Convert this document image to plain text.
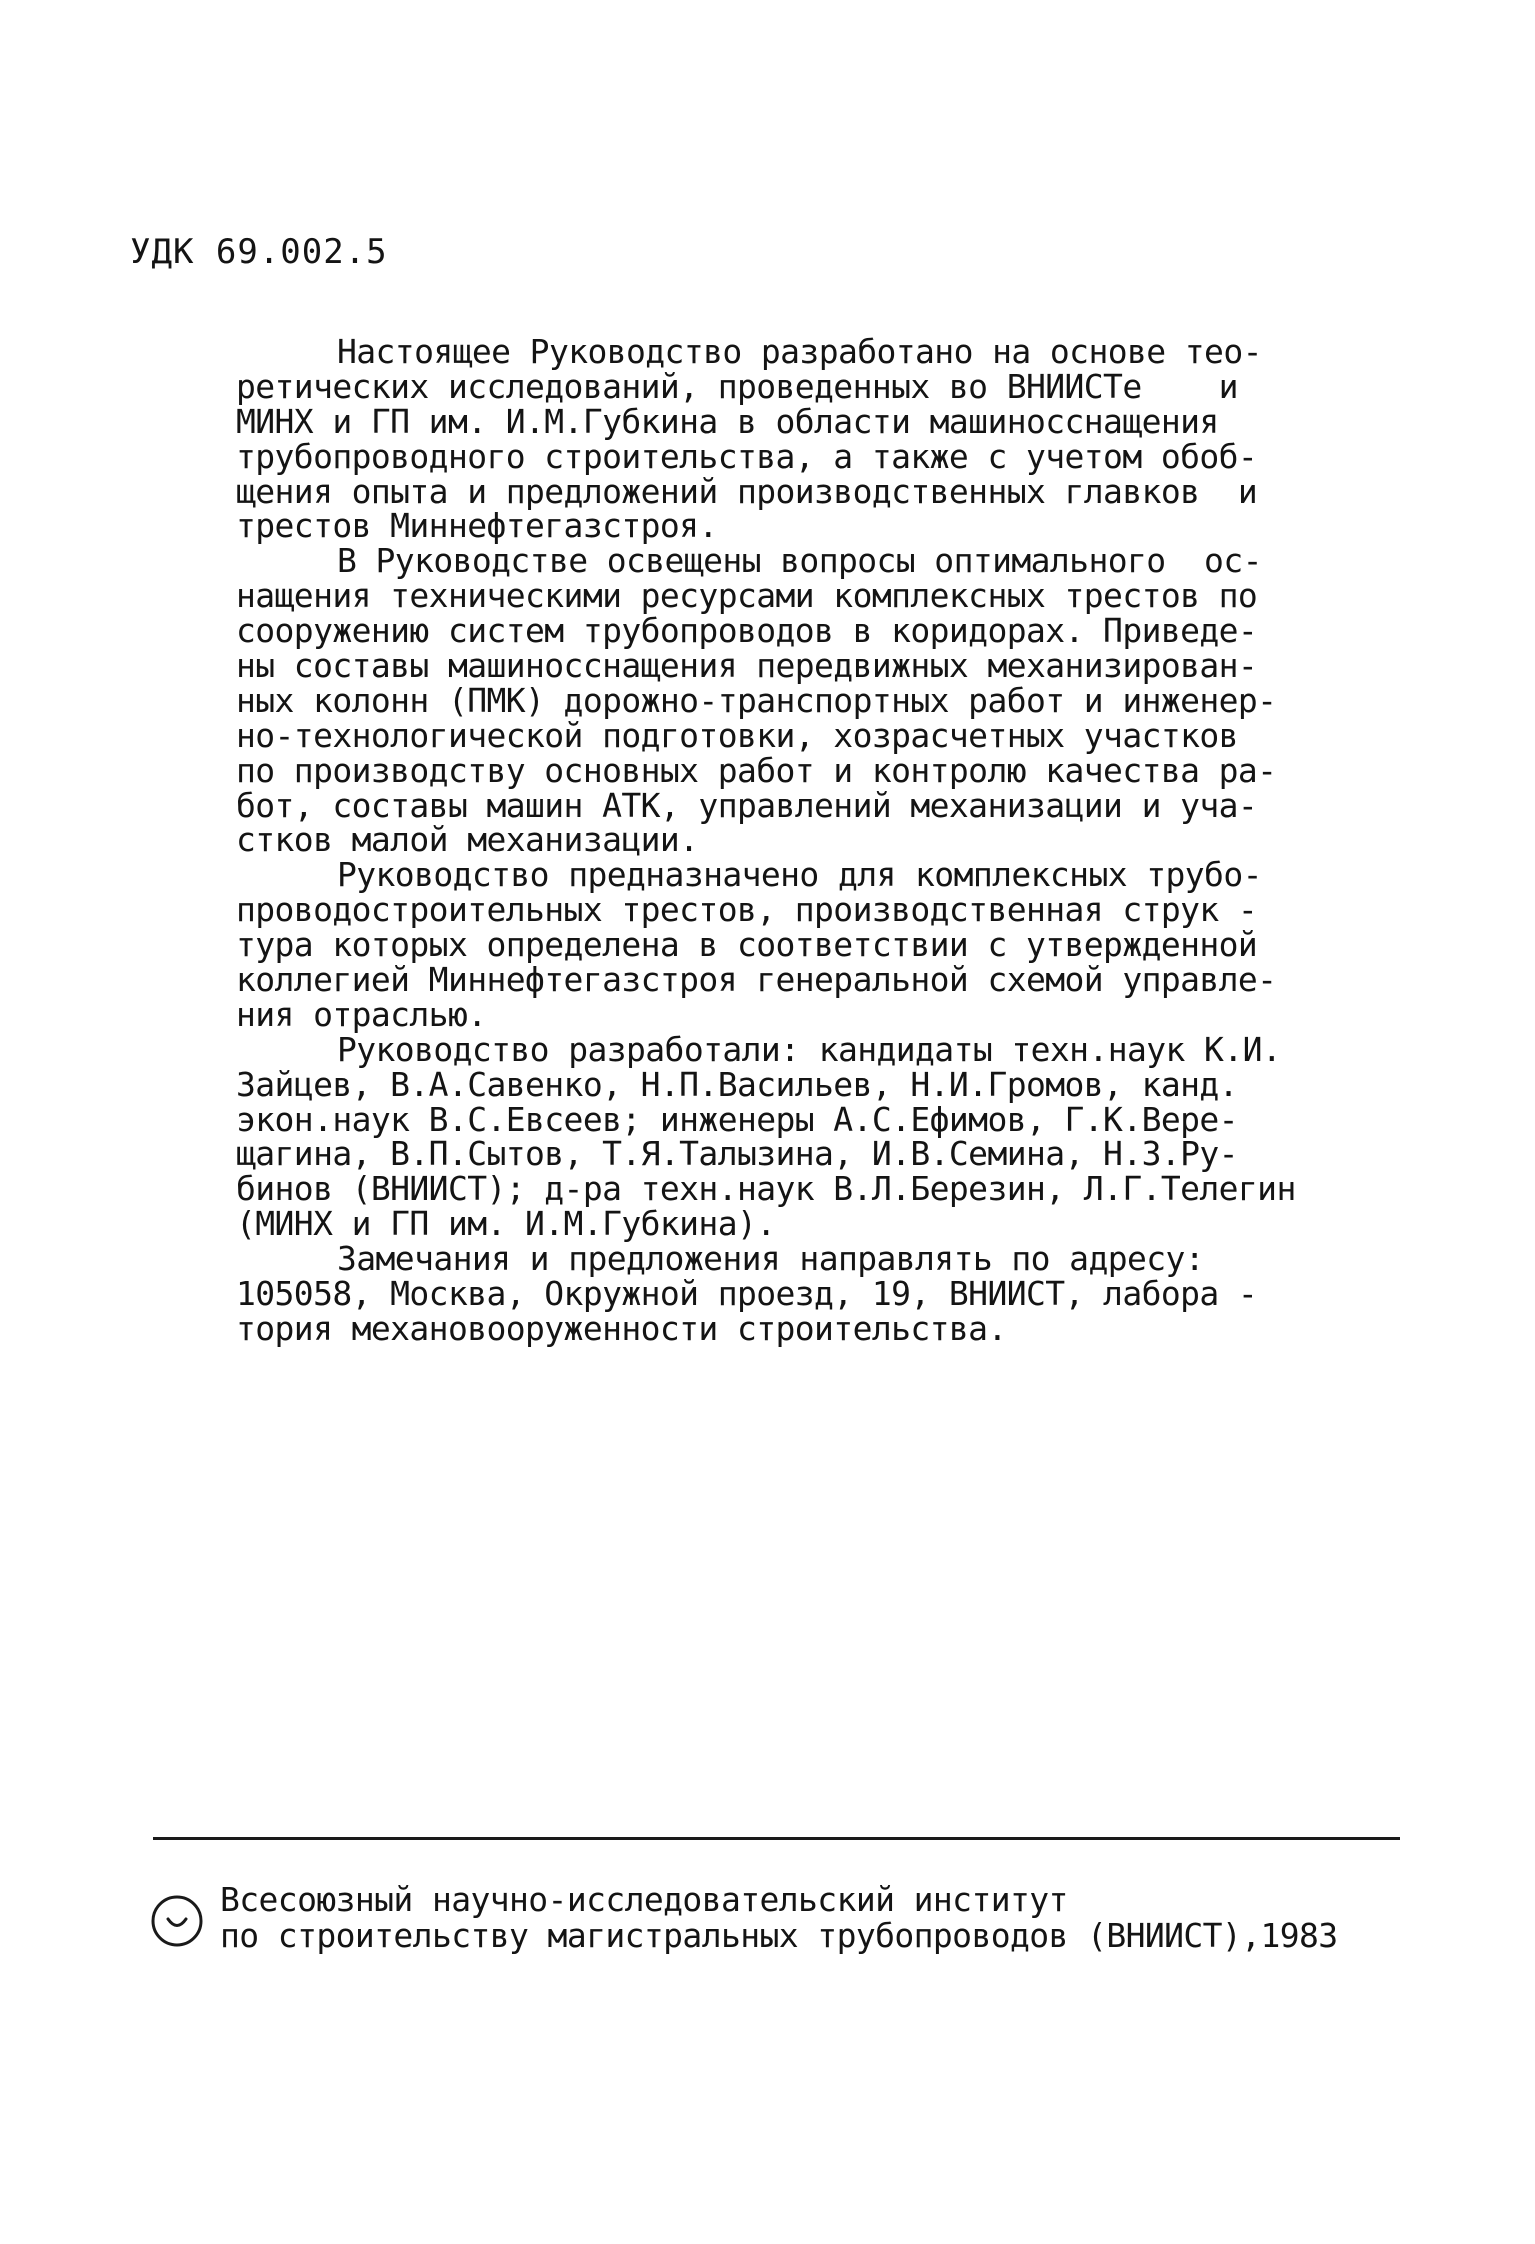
УДК 69.002.5
Настоящее Руководство разработано на основе тео-
ретических исследований, проведенных во ВНИИСТе    и
МИНХ и ГП им. И.М.Губкина в области машиносснащения
трубопроводного строительства, а также с учетом обоб-
щения опыта и предложений производственных главков  и
трестов Миннефтегазстроя.
В Руководстве освещены вопросы оптимального  ос-
нащения техническими ресурсами комплексных трестов по
сооружению систем трубопроводов в коридорах. Приведе-
ны составы машиносснащения передвижных механизирован-
ных колонн (ПМК) дорожно-транспортных работ и инженер-
но-технологической подготовки, хозрасчетных участков
по производству основных работ и контролю качества ра-
бот, составы машин АТК, управлений механизации и уча-
стков малой механизации.
Руководство предназначено для комплексных трубо-
проводостроительных трестов, производственная струк -
тура которых определена в соответствии с утвержденной
коллегией Миннефтегазстроя генеральной схемой управле-
ния отраслью.
Руководство разработали: кандидаты техн.наук К.И.
Зайцев, В.А.Савенко, Н.П.Васильев, Н.И.Громов, канд.
экон.наук В.С.Евсеев; инженеры А.С.Ефимов, Г.К.Вере-
щагина, В.П.Сытов, Т.Я.Талызина, И.В.Семина, Н.З.Ру-
бинов (ВНИИСТ); д-ра техн.наук В.Л.Березин, Л.Г.Телегин
(МИНХ и ГП им. И.М.Губкина).
Замечания и предложения направлять по адресу:
105058, Москва, Окружной проезд, 19, ВНИИСТ, лабора -
тория механовооруженности строительства.
Всесоюзный научно-исследовательский институт
по строительству магистральных трубопроводов (ВНИИСТ),1983
